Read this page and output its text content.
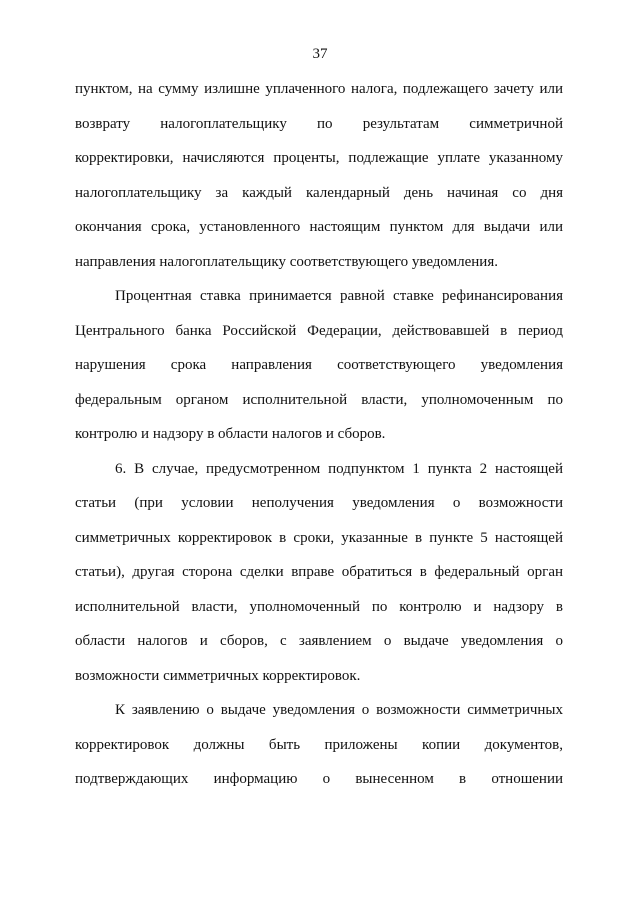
37

пунктом, на сумму излишне уплаченного налога, подлежащего зачету или
возврату налогоплательщику по результатам симметричной
корректировки, начисляются проценты, подлежащие уплате указанному
налогоплательщику за каждый календарный день начиная со дня
окончания срока, установленного настоящим пунктом для выдачи или
направления налогоплательщику соответствующего уведомления.

Процентная ставка принимается равной ставке рефинансирования
Центрального банка Российской Федерации, действовавшей в период
нарушения срока направления соответствующего уведомления
федеральным органом исполнительной власти, уполномоченным по
контролю и надзору в области налогов и сборов.

6. В случае, предусмотренном подпунктом 1 пункта 2 настоящей
статьи (при условии неполучения уведомления о возможности
симметричных корректировок в сроки, указанные в пункте 5 настоящей
статьи), другая сторона сделки вправе обратиться в федеральный орган
исполнительной власти, уполномоченный по контролю и надзору в
области налогов и сборов, с заявлением о выдаче уведомления о
возможности симметричных корректировок.

К заявлению о выдаче уведомления о возможности симметричных
корректировок должны быть приложены копии документов,
подтверждающих информацию о вынесенном в отношении
